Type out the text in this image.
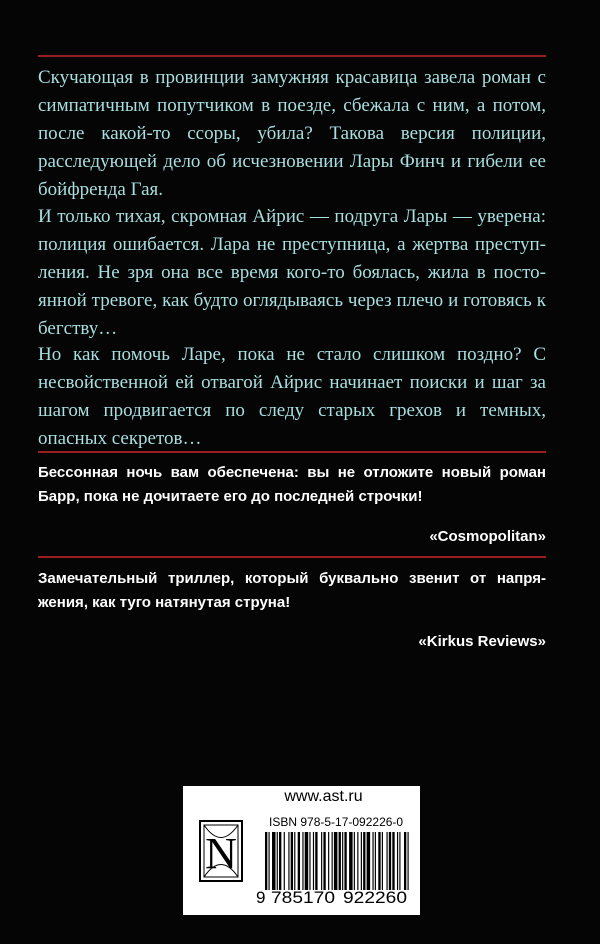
Скучающая в провинции замужняя красавица завела роман с симпатичным попутчиком в поезде, сбежала с ним, а потом, после какой-то ссоры, убила? Такова версия полиции, расследующей дело об исчезновении Лары Финч и гибели ее бойфренда Гая.

И только тихая, скромная Айрис — подруга Лары — уверена: полиция ошибается. Лара не преступница, а жертва преступления. Не зря она все время кого-то боялась, жила в постоянной тревоге, как будто оглядываясь через плечо и готовясь к бегству…

Но как помочь Ларе, пока не стало слишком поздно? С несвойственной ей отвагой Айрис начинает поиски и шаг за шагом продвигается по следу старых грехов и темных, опасных секретов…

Бессонная ночь вам обеспечена: вы не отложите новый роман Барр, пока не дочитаете его до последней строчки!

«Cosmopolitan»

Замечательный триллер, который буквально звенит от напряжения, как туго натянутая струна!

«Kirkus Reviews»
www.ast.ru
ISBN 978-5-17-092226-0
N
9 785170 922260
